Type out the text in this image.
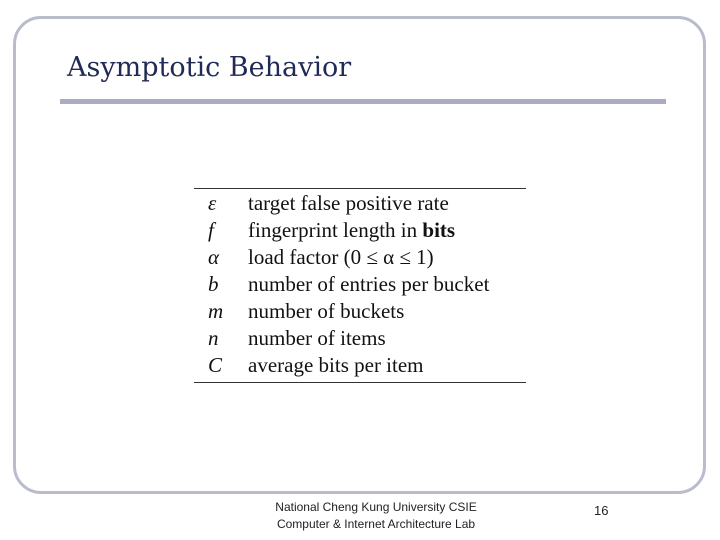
Asymptotic Behavior
ε	target false positive rate
f	fingerprint length in bits
α	load factor (0 ≤ α ≤ 1)
b	number of entries per bucket
m	number of buckets
n	number of items
C	average bits per item
National Cheng Kung University CSIE
Computer & Internet Architecture Lab
16
